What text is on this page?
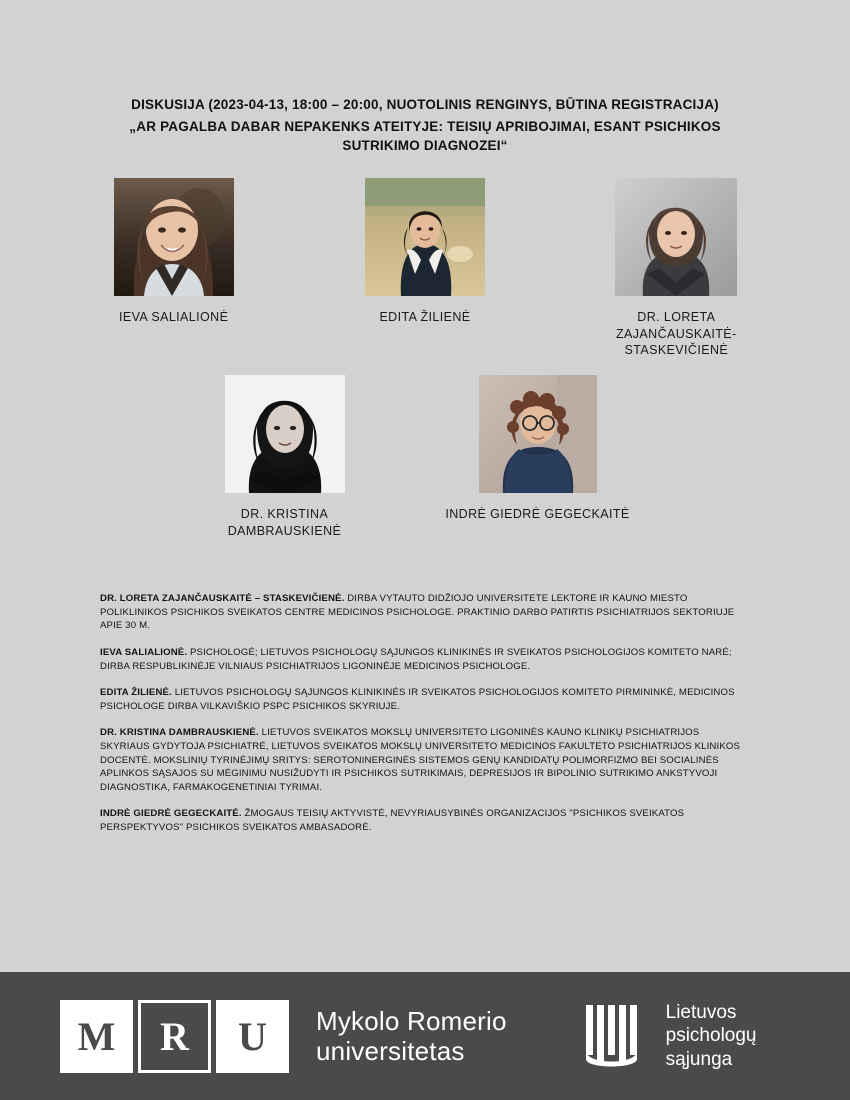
DISKUSIJA (2023-04-13, 18:00 – 20:00, NUOTOLINIS RENGINYS, BŪTINA REGISTRACIJA)
„AR PAGALBA DABAR NEPAKENKS ATEITYJE: TEISIŲ APRIBOJIMAI, ESANT PSICHIKOS SUTRIKIMO DIAGNOZEI“
IEVA SALIALIONĖ	EDITA ŽILIENĖ	DR. LORETA ZAJANČAUSKAITĖ-STASKEVIČIENĖ
DR. KRISTINA DAMBRAUSKIENĖ
INDRĖ GIEDRĖ GEGECKAITĖ

DR. LORETA ZAJANČAUSKAITĖ – STASKEVIČIENĖ. DIRBA VYTAUTO DIDŽIOJO UNIVERSITETE LEKTORE IR KAUNO MIESTO POLIKLINIKOS PSICHIKOS SVEIKATOS CENTRE MEDICINOS PSICHOLOGE. PRAKTINIO DARBO PATIRTIS PSICHIATRIJOS SEKTORIUJE APIE 30 M.

IEVA SALIALIONĖ. PSICHOLOGĖ; LIETUVOS PSICHOLOGŲ SĄJUNGOS KLINIKINĖS IR SVEIKATOS PSICHOLOGIJOS KOMITETO NARĖ; DIRBA RESPUBLIKINĖJE VILNIAUS PSICHIATRIJOS LIGONINĖJE MEDICINOS PSICHOLOGE.

EDITA ŽILIENĖ. LIETUVOS PSICHOLOGŲ SĄJUNGOS KLINIKINĖS IR SVEIKATOS PSICHOLOGIJOS KOMITETO PIRMININKĖ, MEDICINOS PSICHOLOGE DIRBA VILKAVIŠKIO PSPC PSICHIKOS SKYRIUJE.

DR. KRISTINA DAMBRAUSKIENĖ. LIETUVOS SVEIKATOS MOKSLŲ UNIVERSITETO LIGONINĖS KAUNO KLINIKŲ PSICHIATRIJOS SKYRIAUS GYDYTOJA PSICHIATRĖ, LIETUVOS SVEIKATOS MOKSLŲ UNIVERSITETO MEDICINOS FAKULTETO PSICHIATRIJOS KLINIKOS DOCENTĖ. MOKSLINIŲ TYRINĖJIMŲ SRITYS: SEROTONINERGINĖS SISTEMOS GENŲ KANDIDATŲ POLIMORFIZMO BEI SOCIALINĖS APLINKOS SĄSAJOS SU MĖGINIMU NUSIŽUDYTI IR PSICHIKOS SUTRIKIMAIS, DEPRESIJOS IR BIPOLINIO SUTRIKIMO ANKSTYVOJI DIAGNOSTIKA, FARMAKOGENETINIAI TYRIMAI.

INDRĖ GIEDRĖ GEGECKAITĖ. ŽMOGAUS TEISIŲ AKTYVISTĖ, NEVYRIAUSYBINĖS ORGANIZACIJOS "PSICHIKOS SVEIKATOS PERSPEKTYVOS" PSICHIKOS SVEIKATOS AMBASADORĖ.

M	R	U	Mykolo Romerio
universitetas
Lietuvos
psichologų
sąjunga
